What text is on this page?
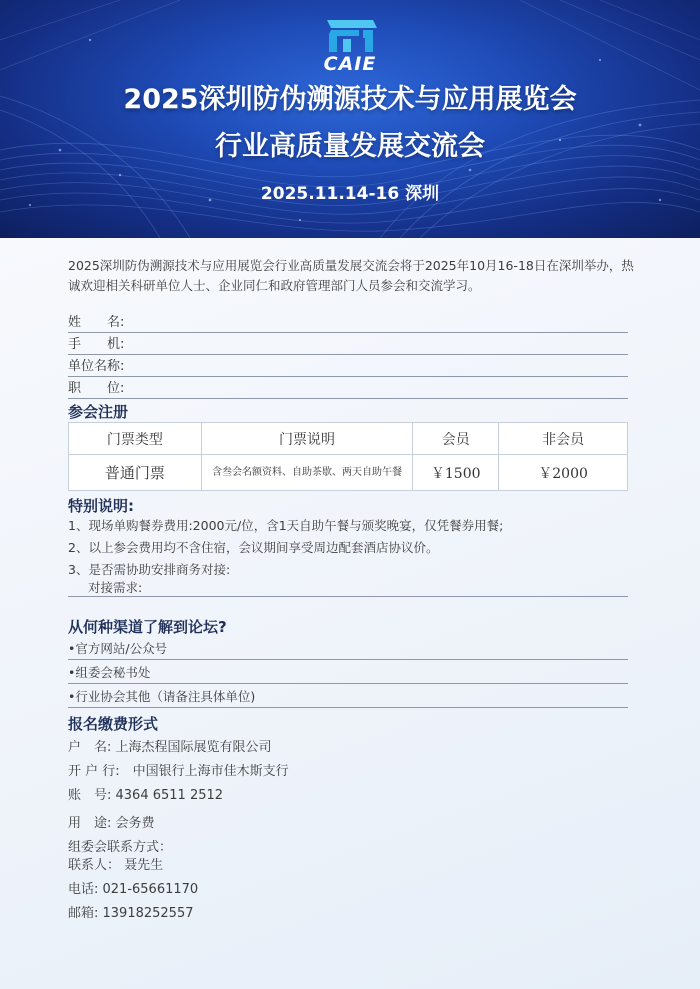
CAIE
2025深圳防伪溯源技术与应用展览会
行业高质量发展交流会
2025.11.14-16 深圳
2025深圳防伪溯源技术与应用展览会行业高质量发展交流会将于2025年10月16-18日在深圳举办，热诚欢迎相关科研单位人士、企业同仁和政府管理部门人员参会和交流学习。
姓　　名:
手　　机:
单位名称:
职　　位:
参会注册
门票类型	门票说明	会员	非会员
普通门票	含叁会名额资料、自助茶歇、两天自助午餐	￥1500	￥2000
特别说明:
1、现场单购餐券费用:2000元/位，含1天自助午餐与颁奖晚宴，仅凭餐券用餐;
2、以上参会费用均不含住宿，会议期间享受周边配套酒店协议价。
3、是否需协助安排商务对接:
对接需求:
从何种渠道了解到论坛?
•官方网站/公众号
•组委会秘书处
•行业协会其他（请备注具体单位)
报名缴费形式
户　名: 上海杰程国际展览有限公司
开 户 行:　中国银行上海市佳木斯支行
账　号: 4364 6511 2512
用　途: 会务费
组委会联系方式：
联系人： 聂先生
电话: 021-65661170
邮箱: 13918252557
